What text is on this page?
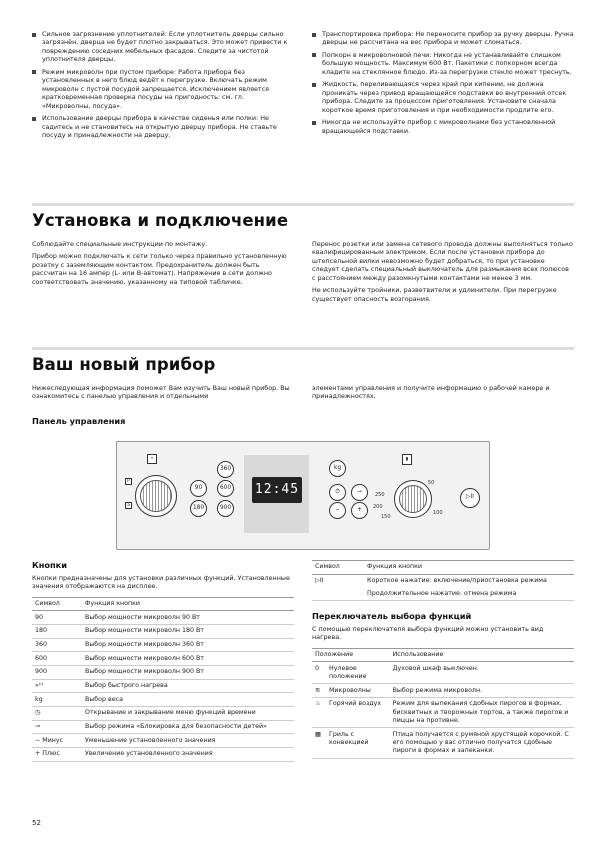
Сильное загрязнение уплотнителей: Если уплотнитель дверцы сильно загрязнён, дверца не будет плотно закрываться. Это может привести к повреждению соседних мебельных фасадов. Следите за чистотой уплотнителя дверцы.
Режим микроволн при пустом приборе: Работа прибора без установленных в него блюд ведёт к перегрузке. Включать режим микроволн с пустой посудой запрещается. Исключением является кратковременная проверка посуды на пригодность: см. гл. «Микроволны, посуда».
Использование дверцы прибора в качестве сиденья или полки: Не садитесь и не становитесь на открытую дверцу прибора. Не ставьте посуду и принадлежности на дверцу.
Транспортировка прибора: Не переносите прибор за ручку дверцы. Ручка дверцы не рассчитана на вес прибора и может сломаться.
Попкорн в микроволновой печи: Никогда не устанавливайте слишком большую мощность. Максимум 600 Вт. Пакетики с попкорном всегда кладите на стеклянное блюдо. Из-за перегрузки стекло может треснуть.
Жидкость, переливающаяся через край при кипении, не должна проникать через привод вращающейся подставки во внутренний отсек прибора. Следите за процессом приготовления. Установите сначала короткое время приготовления и при необходимости продлите его.
Никогда не используйте прибор с микроволнами без установленной вращающейся подставки.
Установка и подключение

Соблюдайте специальные инструкции по монтажу.

Прибор можно подключать к сети только через правильно установленную розетку с заземляющим контактом. Предохранитель должен быть рассчитан на 16 ампер (L- или B-автомат). Напряжение в сети должно соответствовать значению, указанному на типовой табличке.

Перенос розетки или замена сетевого провода должны выполняться только квалифицированным электриком. Если после установки прибора до штепсельной вилки невозможно будет добраться, то при установке следует сделать специальный выключатель для размыкания всех полюсов с расстоянием между разомкнутыми контактами не менее 3 мм.

Не используйте тройники, разветвители и удлинители. При перегрузке существует опасность возгорания.

Ваш новый прибор

Нижеследующая информация поможет Вам изучить Ваш новый прибор. Вы ознакомитесь с панелью управления и отдельными

элементами управления и получите информацию о рабочей камере и принадлежностях.

Панель управления
»
P
a
360
90	600
180	900
12:45
kg
⏱	⊸
−	+
▮
50
100
150
200
250	▷II
Кнопки

Кнопки предназначены для установки различных функций. Установленные значения отображаются на дисплее.

Символ	Функция кнопки
90	Выбор мощности микроволн 90 Вт
180	Выбор мощности микроволн 180 Вт
360	Выбор мощности микроволн 360 Вт
600	Выбор мощности микроволн 600 Вт
900	Выбор мощности микроволн 900 Вт
»⁽⁽⁽	Выбор быстрого нагрева
kg	Выбор веса
◷	Открывание и закрывание меню функций времени
⊸	Выбор режима «Блокировка для безопасности детей»
− Минус	Уменьшение установленного значения
+ Плюс	Увеличение установленного значения
Символ	Функция кнопки
▷II	Короткое нажатие: включение/приостановка режима
	Продолжительное нажатие: отмена режима
Переключатель выбора функций

С помощью переключателя выбора функций можно установить вид нагрева.

Положение		Использование
0	Нулевое положение	Духовой шкаф выключен.
≋	Микроволны	Выбор режима микроволн.
♨	Горячий воздух	Режим для выпекания сдобных пирогов в формах, бисквитных и творожных тортов, а также пирогов и пиццы на противне.
▦	Гриль с конвекцией	Птица получается с румяной хрустящей корочкой. С его помощью у вас отлично получатся сдобные пироги в формах и запеканки.
52
